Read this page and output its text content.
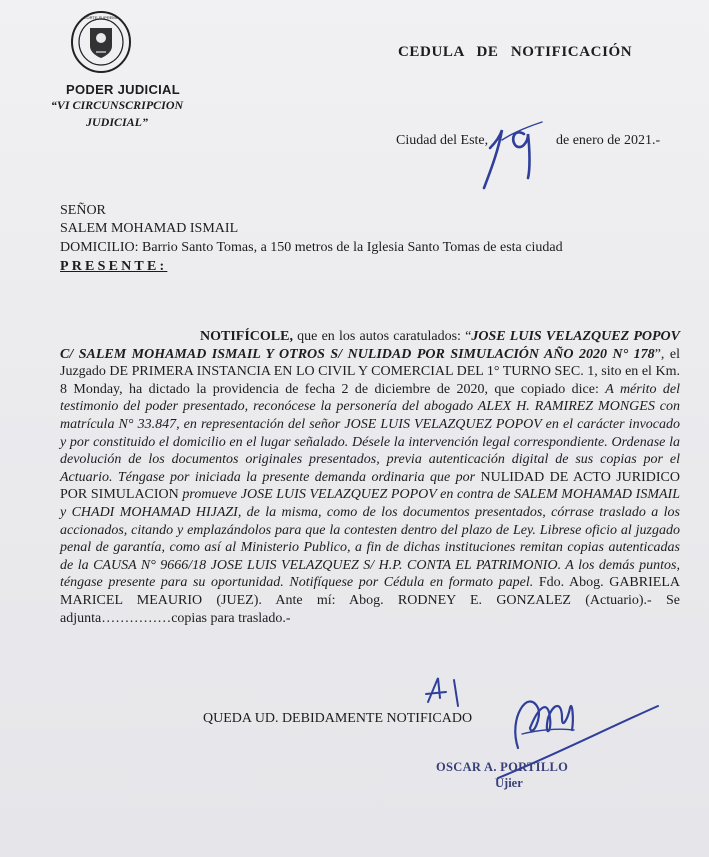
CORTE SUPREMA
PODER JUDICIAL
“VI CIRCUNSCRIPCION
JUDICIAL”
CEDULA DE NOTIFICACIÓN
Ciudad del Este,	de enero de 2021.-
SEÑOR
SALEM MOHAMAD ISMAIL
DOMICILIO: Barrio Santo Tomas, a 150 metros de la Iglesia Santo Tomas de esta ciudad
PRESENTE:

NOTIFÍCOLE, que en los autos caratulados: “JOSE LUIS VELAZQUEZ POPOV C/ SALEM MOHAMAD ISMAIL Y OTROS S/ NULIDAD POR SIMULACIÓN AÑO 2020 N° 178”, el Juzgado DE PRIMERA INSTANCIA EN LO CIVIL Y COMERCIAL DEL 1° TURNO SEC. 1, sito en el Km. 8 Monday, ha dictado la providencia de fecha 2 de diciembre de 2020, que copiado dice: A mérito del testimonio del poder presentado, reconócese la personería del abogado ALEX H. RAMIREZ MONGES con matrícula N° 33.847, en representación del señor JOSE LUIS VELAZQUEZ POPOV en el carácter invocado y por constituido el domicilio en el lugar señalado. Désele la intervención legal correspondiente. Ordenase la devolución de los documentos originales presentados, previa autenticación digital de sus copias por el Actuario. Téngase por iniciada la presente demanda ordinaria que por NULIDAD DE ACTO JURIDICO POR SIMULACION promueve JOSE LUIS VELAZQUEZ POPOV en contra de SALEM MOHAMAD ISMAIL y CHADI MOHAMAD HIJAZI, de la misma, como de los documentos presentados, córrase traslado a los accionados, citando y emplazándolos para que la contesten dentro del plazo de Ley. Librese oficio al juzgado penal de garantía, como así al Ministerio Publico, a fin de dichas instituciones remitan copias autenticadas de la CAUSA N° 9666/18 JOSE LUIS VELAZQUEZ S/ H.P. CONTA EL PATRIMONIO. A los demás puntos, téngase presente para su oportunidad. Notifíquese por Cédula en formato papel. Fdo. Abog. GABRIELA MARICEL MEAURIO (JUEZ). Ante mí: Abog. RODNEY E. GONZALEZ (Actuario).- Se adjunta……………copias para traslado.-

QUEDA UD. DEBIDAMENTE NOTIFICADO
OSCAR A. PORTILLO
Ujier
